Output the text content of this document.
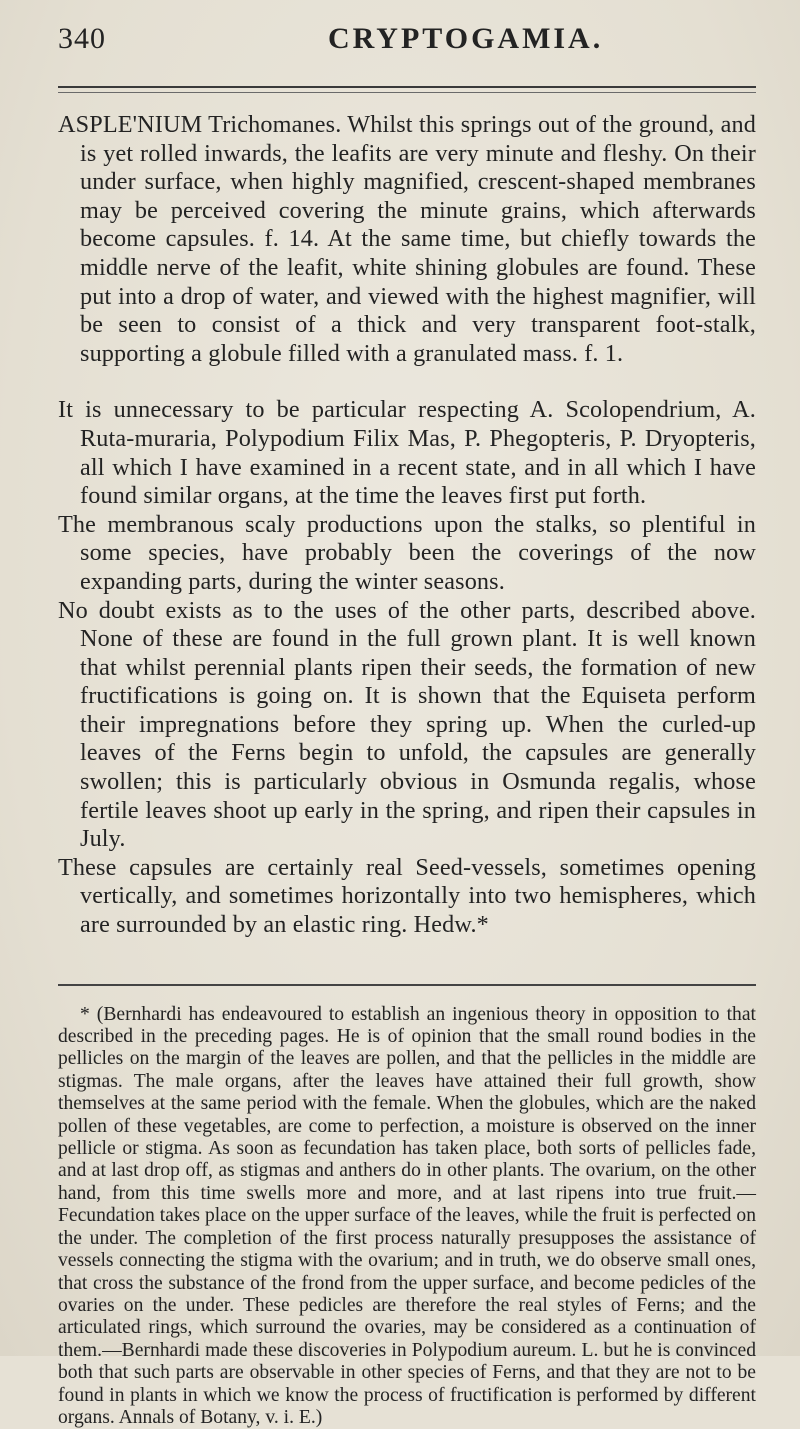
340	CRYPTOGAMIA.

ASPLE'NIUM Trichomanes. Whilst this springs out of the ground, and is yet rolled inwards, the leafits are very minute and fleshy. On their under surface, when highly magnified, crescent-shaped membranes may be perceived covering the minute grains, which afterwards become capsules. f. 14. At the same time, but chiefly towards the middle nerve of the leafit, white shining globules are found. These put into a drop of water, and viewed with the highest magnifier, will be seen to consist of a thick and very transparent foot-stalk, supporting a globule filled with a granulated mass. f. 1.

It is unnecessary to be particular respecting A. Scolopendrium, A. Ruta-muraria, Polypodium Filix Mas, P. Phegopteris, P. Dryopteris, all which I have examined in a recent state, and in all which I have found similar organs, at the time the leaves first put forth.

The membranous scaly productions upon the stalks, so plentiful in some species, have probably been the coverings of the now expanding parts, during the winter seasons.

No doubt exists as to the uses of the other parts, described above. None of these are found in the full grown plant. It is well known that whilst perennial plants ripen their seeds, the formation of new fructifications is going on. It is shown that the Equiseta perform their impregnations before they spring up. When the curled-up leaves of the Ferns begin to unfold, the capsules are generally swollen; this is particularly obvious in Osmunda regalis, whose fertile leaves shoot up early in the spring, and ripen their capsules in July.

These capsules are certainly real Seed-vessels, sometimes opening vertically, and sometimes horizontally into two hemispheres, which are surrounded by an elastic ring. Hedw.*

* (Bernhardi has endeavoured to establish an ingenious theory in opposition to that described in the preceding pages. He is of opinion that the small round bodies in the pellicles on the margin of the leaves are pollen, and that the pellicles in the middle are stigmas. The male organs, after the leaves have attained their full growth, show themselves at the same period with the female. When the globules, which are the naked pollen of these vegetables, are come to perfection, a moisture is observed on the inner pellicle or stigma. As soon as fecundation has taken place, both sorts of pellicles fade, and at last drop off, as stigmas and anthers do in other plants. The ovarium, on the other hand, from this time swells more and more, and at last ripens into true fruit.— Fecundation takes place on the upper surface of the leaves, while the fruit is perfected on the under. The completion of the first process naturally presupposes the assistance of vessels connecting the stigma with the ovarium; and in truth, we do observe small ones, that cross the substance of the frond from the upper surface, and become pedicles of the ovaries on the under. These pedicles are therefore the real styles of Ferns; and the articulated rings, which surround the ovaries, may be considered as a continuation of them.—Bernhardi made these discoveries in Polypodium aureum. L. but he is convinced both that such parts are observable in other species of Ferns, and that they are not to be found in plants in which we know the process of fructification is performed by different organs. Annals of Botany, v. i. E.)
